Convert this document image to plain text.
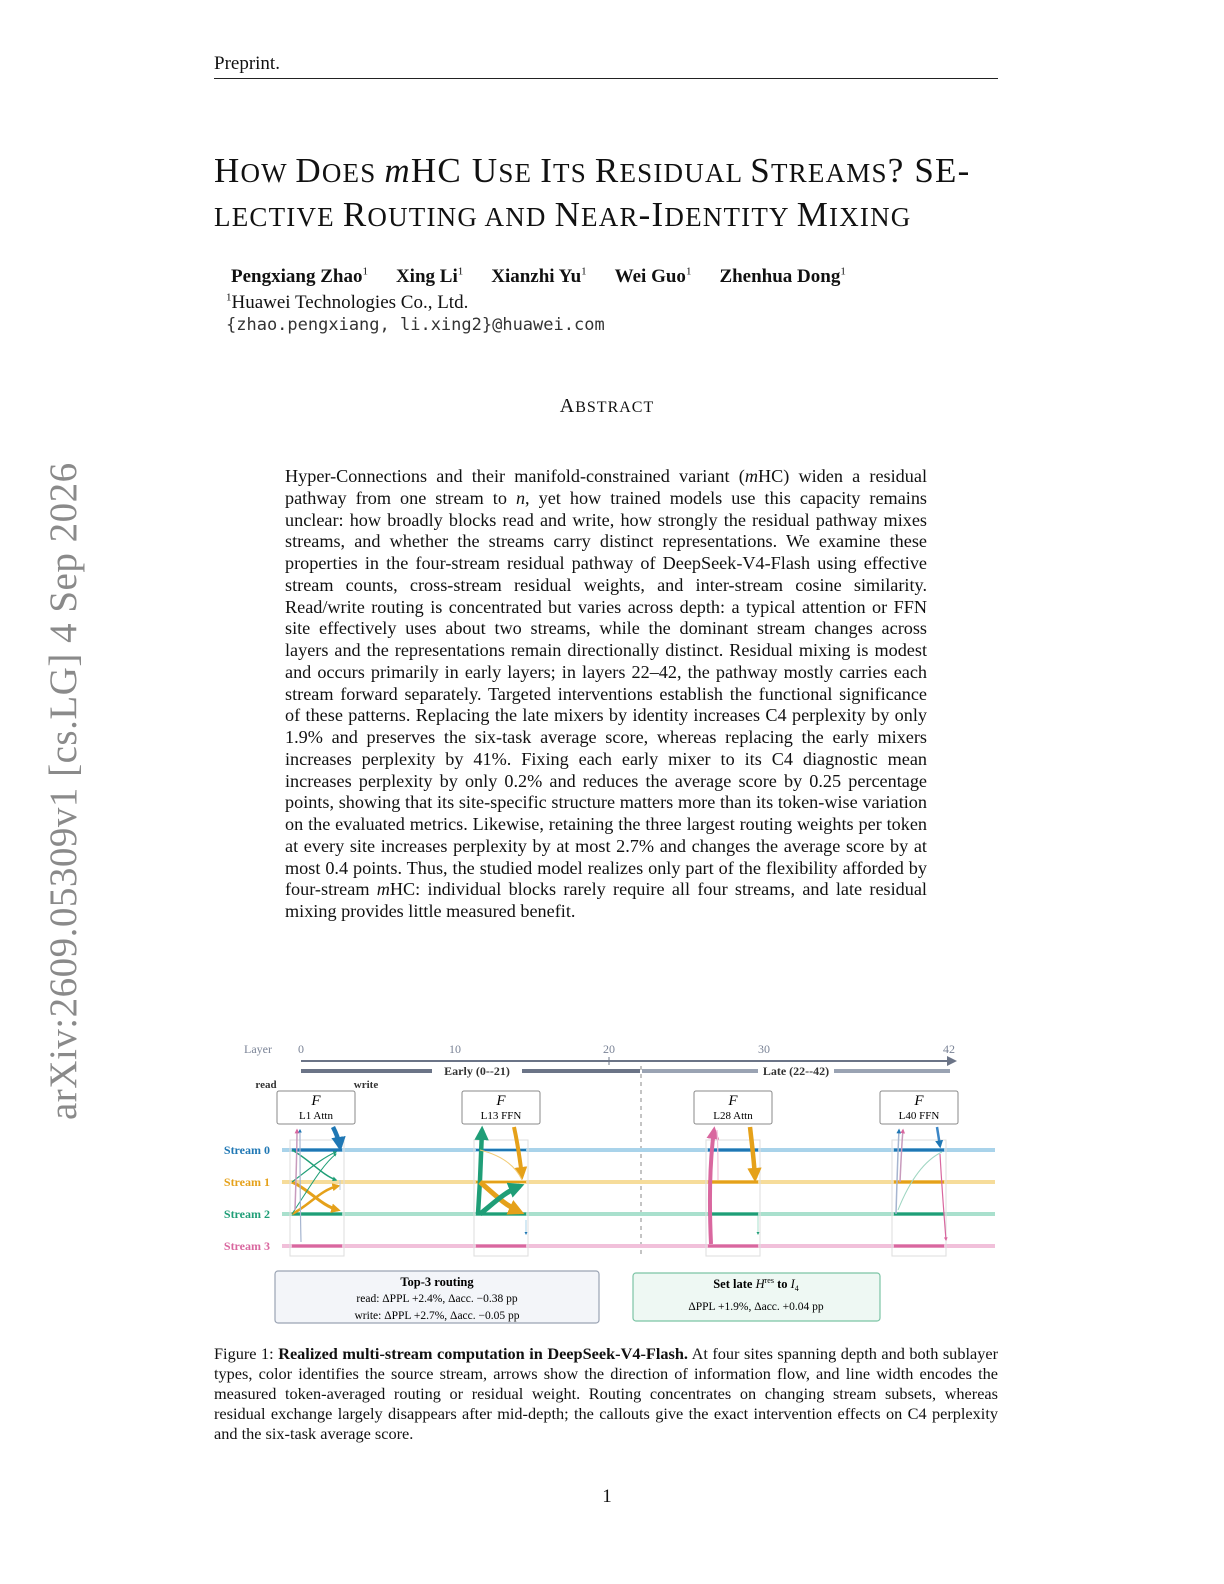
Preprint.
arXiv:2609.05309v1 [cs.LG] 4 Sep 2026
HOW DOES mHC USE ITS RESIDUAL STREAMS? SE-
LECTIVE ROUTING AND NEAR-IDENTITY MIXING
Pengxiang Zhao$^1$ Xing Li$^1$ Xianzhi Yu$^1$ Wei Guo$^1$ Zhenhua Dong$^1$
$^1$Huawei Technologies Co., Ltd.
{zhao.pengxiang, li.xing2}@huawei.com
ABSTRACT
Hyper-Connections and their manifold-constrained variant (mHC) widen a residual pathway from one stream to n, yet how trained models use this capacity remains unclear: how broadly blocks read and write, how strongly the residual pathway mixes streams, and whether the streams carry distinct representations. We examine these properties in the four-stream residual pathway of DeepSeek-V4-Flash using effective stream counts, cross-stream residual weights, and inter-stream cosine similarity. Read/write routing is concentrated but varies across depth: a typical attention or FFN site effectively uses about two streams, while the dominant stream changes across layers and the representations remain directionally distinct. Residual mixing is modest and occurs primarily in early layers; in layers 22–42, the pathway mostly carries each stream forward separately. Targeted interventions establish the functional significance of these patterns. Replacing the late mixers by identity increases C4 perplexity by only 1.9% and preserves the six-task average score, whereas replacing the early mixers increases perplexity by 41%. Fixing each early mixer to its C4 diagnostic mean increases perplexity by only 0.2% and reduces the average score by 0.25 percentage points, showing that its site-specific structure matters more than its token-wise variation on the evaluated metrics. Likewise, retaining the three largest routing weights per token at every site increases perplexity by at most 2.7% and changes the average score by at most 0.4 points. Thus, the studied model realizes only part of the flexibility afforded by four-stream mHC: individual blocks rarely require all four streams, and late residual mixing provides little measured benefit.
Layer 0	10	20	30	42
Early (0--21)	Late (22--42)
read	write
Stream 0
Stream 1
Stream 2
Stream 3
F
L1 Attn
F
L13 FFN
F
L28 Attn
F
L40 FFN
Top-3 routing
read: ΔPPL +2.4%, Δacc. −0.38 pp
write: ΔPPL +2.7%, Δacc. −0.05 pp
Set late $H^{res}$ to $I_4$
ΔPPL +1.9%, Δacc. +0.04 pp
Figure 1: Realized multi-stream computation in DeepSeek-V4-Flash. At four sites spanning depth and both sublayer types, color identifies the source stream, arrows show the direction of information flow, and line width encodes the measured token-averaged routing or residual weight. Routing concentrates on changing stream subsets, whereas residual exchange largely disappears after mid-depth; the callouts give the exact intervention effects on C4 perplexity and the six-task average score.
1
